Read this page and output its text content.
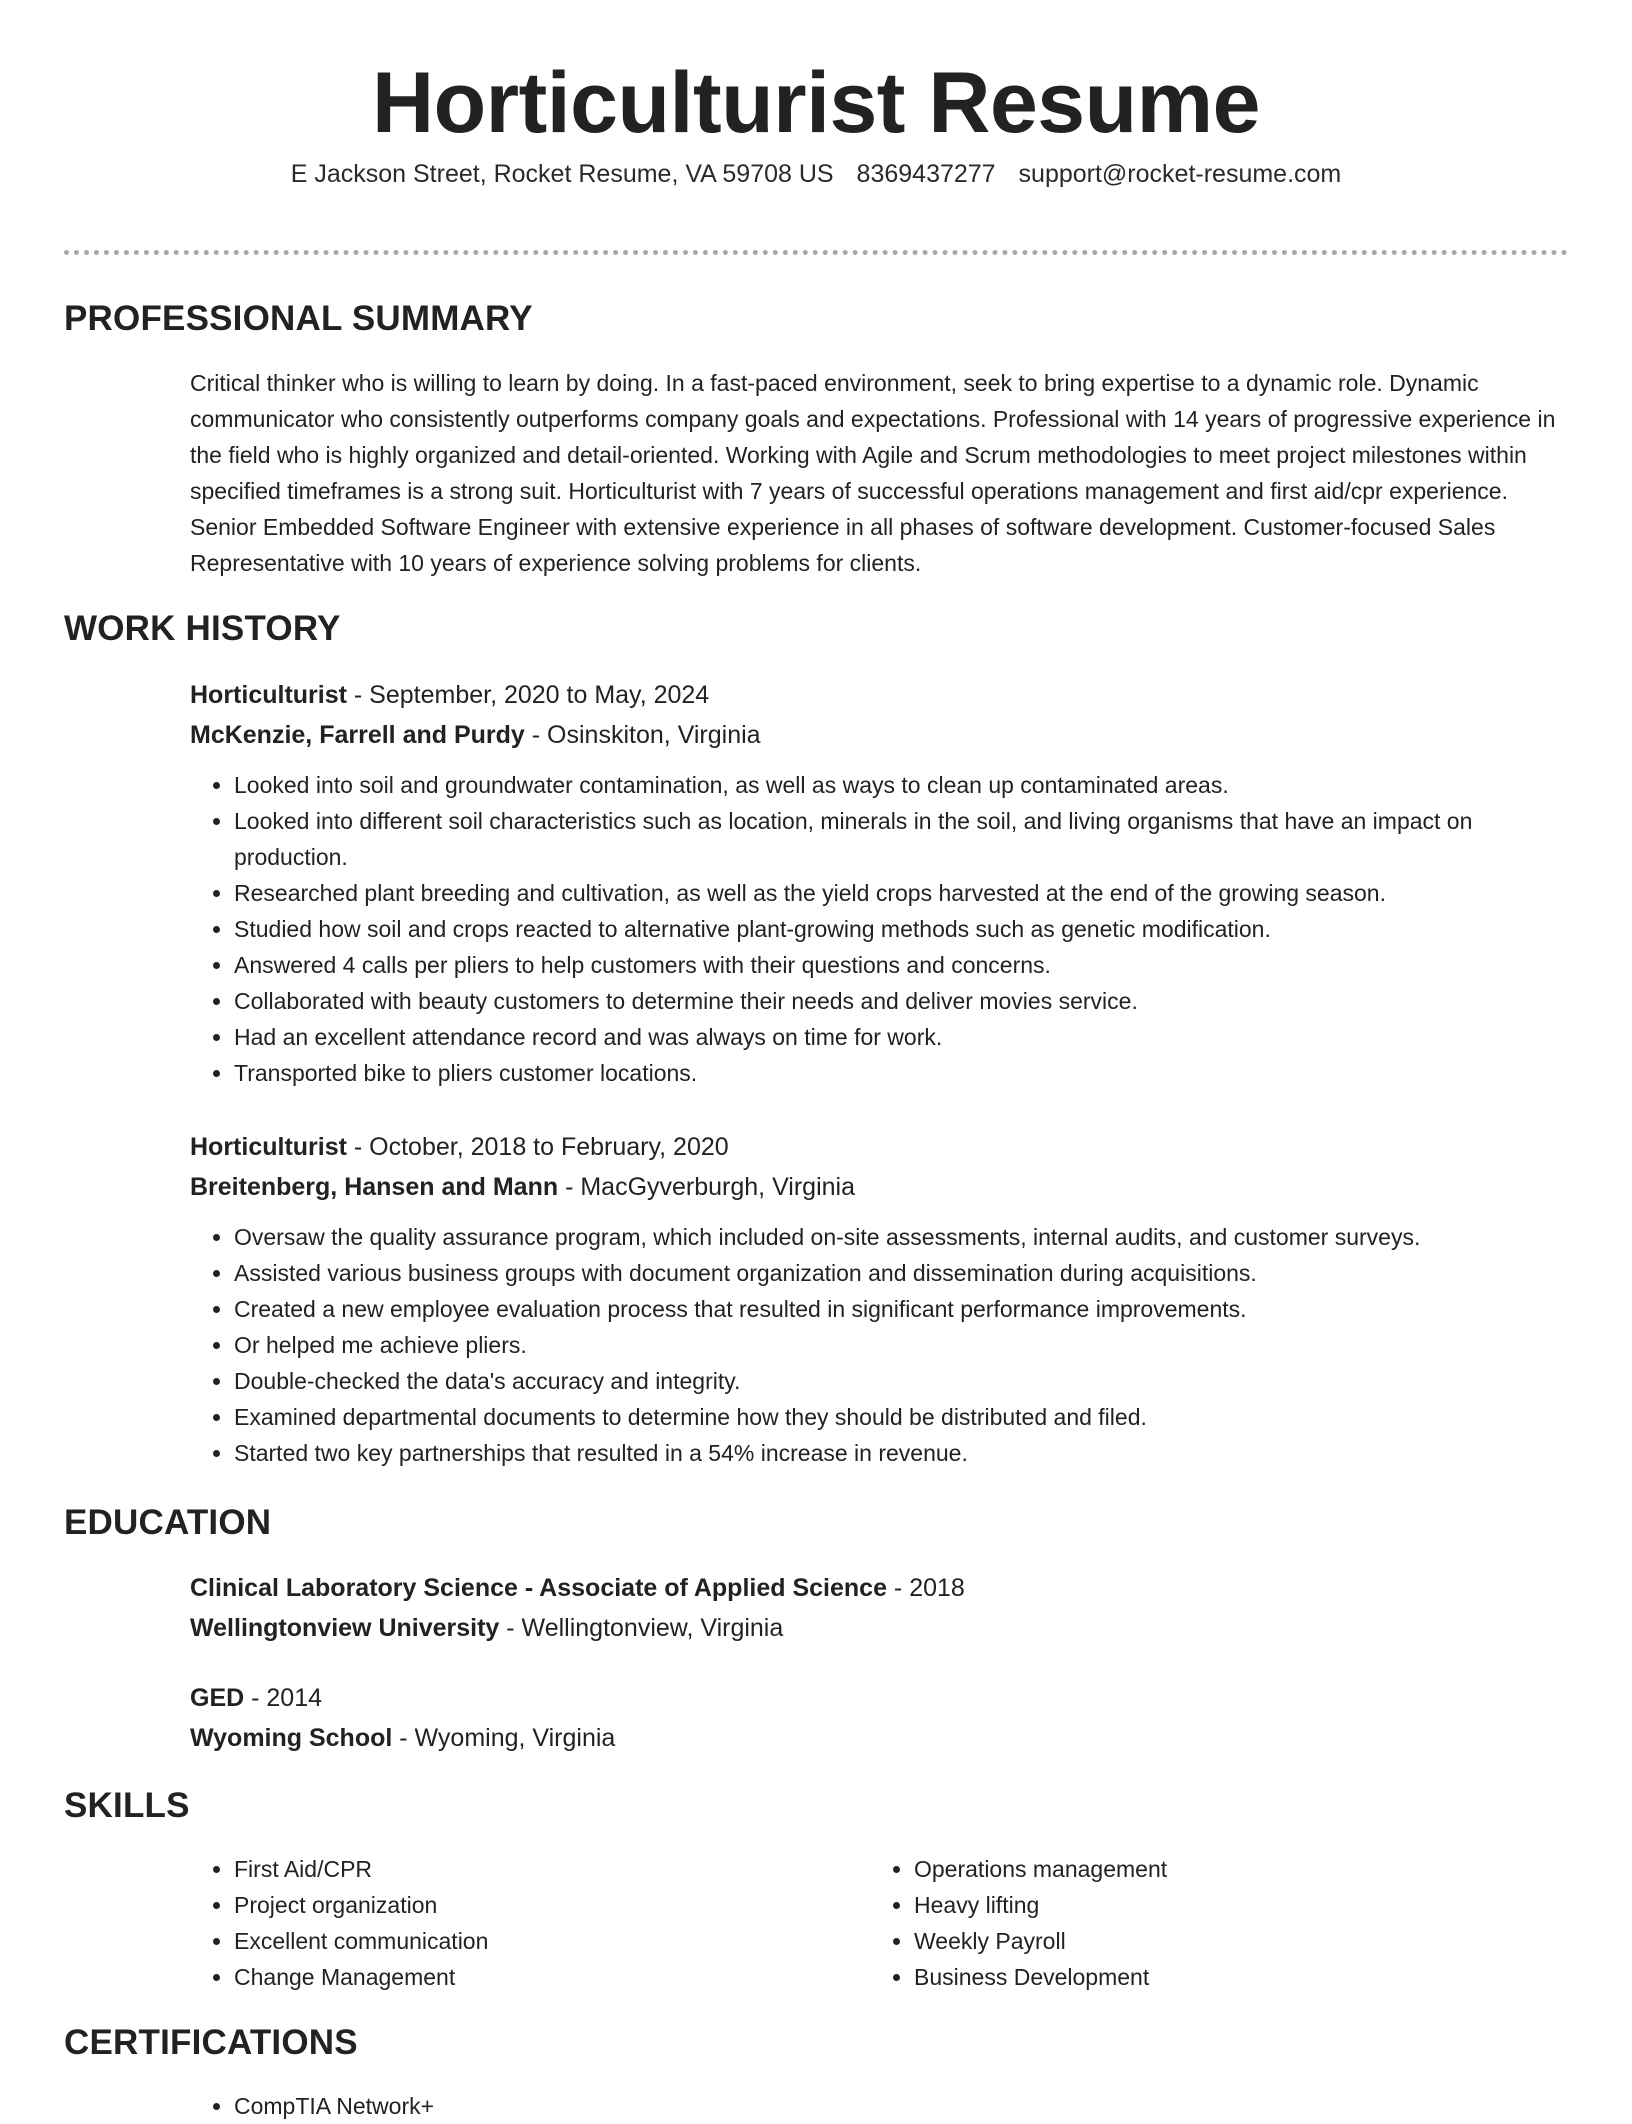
Horticulturist Resume
E Jackson Street, Rocket Resume, VA 59708 US 8369437277 support@rocket-resume.com
PROFESSIONAL SUMMARY

Critical thinker who is willing to learn by doing. In a fast-paced environment, seek to bring expertise to a dynamic role. Dynamic communicator who consistently outperforms company goals and expectations. Professional with 14 years of progressive experience in the field who is highly organized and detail-oriented. Working with Agile and Scrum methodologies to meet project milestones within specified timeframes is a strong suit. Horticulturist with 7 years of successful operations management and first aid/cpr experience. Senior Embedded Software Engineer with extensive experience in all phases of software development. Customer-focused Sales Representative with 10 years of experience solving problems for clients.

WORK HISTORY

Horticulturist - September, 2020 to May, 2024

McKenzie, Farrell and Purdy - Osinskiton, Virginia

• Looked into soil and groundwater contamination, as well as ways to clean up contaminated areas.
• Looked into different soil characteristics such as location, minerals in the soil, and living organisms that have an impact on production.
• Researched plant breeding and cultivation, as well as the yield crops harvested at the end of the growing season.
• Studied how soil and crops reacted to alternative plant-growing methods such as genetic modification.
• Answered 4 calls per pliers to help customers with their questions and concerns.
• Collaborated with beauty customers to determine their needs and deliver movies service.
• Had an excellent attendance record and was always on time for work.
• Transported bike to pliers customer locations.

Horticulturist - October, 2018 to February, 2020

Breitenberg, Hansen and Mann - MacGyverburgh, Virginia

• Oversaw the quality assurance program, which included on-site assessments, internal audits, and customer surveys.
• Assisted various business groups with document organization and dissemination during acquisitions.
• Created a new employee evaluation process that resulted in significant performance improvements.
• Or helped me achieve pliers.
• Double-checked the data's accuracy and integrity.
• Examined departmental documents to determine how they should be distributed and filed.
• Started two key partnerships that resulted in a 54% increase in revenue.
EDUCATION

Clinical Laboratory Science - Associate of Applied Science - 2018

Wellingtonview University - Wellingtonview, Virginia

GED - 2014

Wyoming School - Wyoming, Virginia

SKILLS
• First Aid/CPR
• Project organization
• Excellent communication
• Change Management
• Operations management
• Heavy lifting
• Weekly Payroll
• Business Development
CERTIFICATIONS
• CompTIA Network+
